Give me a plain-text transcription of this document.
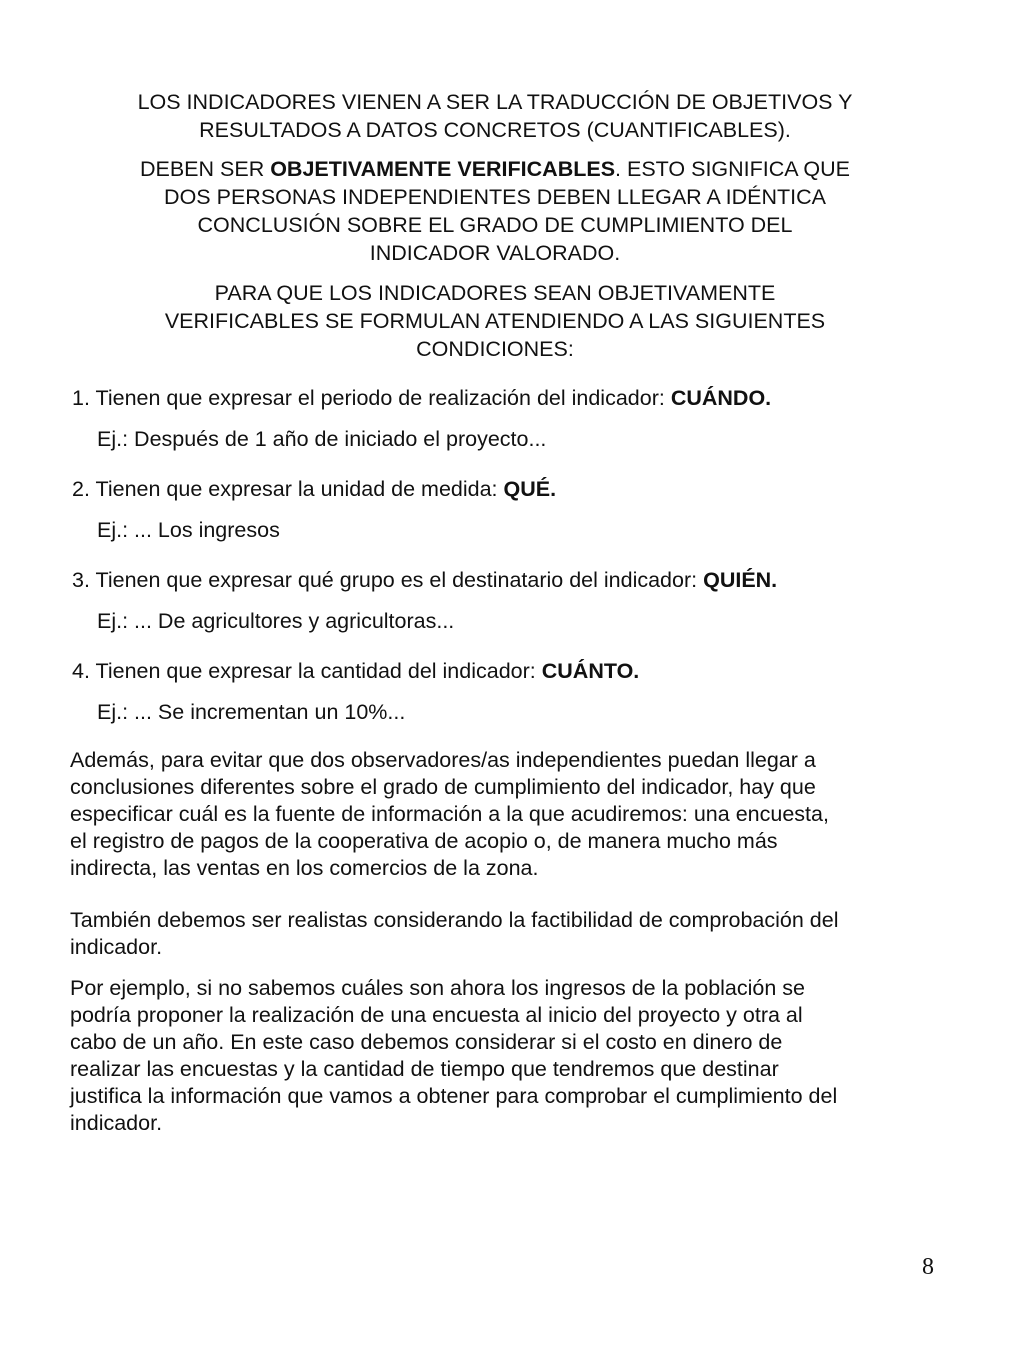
LOS INDICADORES VIENEN A SER LA TRADUCCIÓN DE OBJETIVOS Y
RESULTADOS A DATOS CONCRETOS (CUANTIFICABLES).
DEBEN SER OBJETIVAMENTE VERIFICABLES. ESTO SIGNIFICA QUE
DOS PERSONAS INDEPENDIENTES DEBEN LLEGAR A IDÉNTICA
CONCLUSIÓN SOBRE EL GRADO DE CUMPLIMIENTO DEL
INDICADOR VALORADO.
PARA QUE LOS INDICADORES SEAN OBJETIVAMENTE
VERIFICABLES SE FORMULAN ATENDIENDO A LAS SIGUIENTES
CONDICIONES:
1. Tienen que expresar el periodo de realización del indicador: CUÁNDO.
Ej.: Después de 1 año de iniciado el proyecto...
2. Tienen que expresar la unidad de medida: QUÉ.
Ej.: ... Los ingresos
3. Tienen que expresar qué grupo es el destinatario del indicador: QUIÉN.
Ej.: ... De agricultores y agricultoras...
4. Tienen que expresar la cantidad del indicador: CUÁNTO.
Ej.: ... Se incrementan un 10%...
Además, para evitar que dos observadores/as independientes puedan llegar a
conclusiones diferentes sobre el grado de cumplimiento del indicador, hay que
especificar cuál es la fuente de información a la que acudiremos: una encuesta,
el registro de pagos de la cooperativa de acopio o, de manera mucho más
indirecta, las ventas en los comercios de la zona.
También debemos ser realistas considerando la factibilidad de comprobación del
indicador.
Por ejemplo, si no sabemos cuáles son ahora los ingresos de la población se
podría proponer la realización de una encuesta al inicio del proyecto y otra al
cabo de un año. En este caso debemos considerar si el costo en dinero de
realizar las encuestas y la cantidad de tiempo que tendremos que destinar
justifica la información que vamos a obtener para comprobar el cumplimiento del
indicador.
8
